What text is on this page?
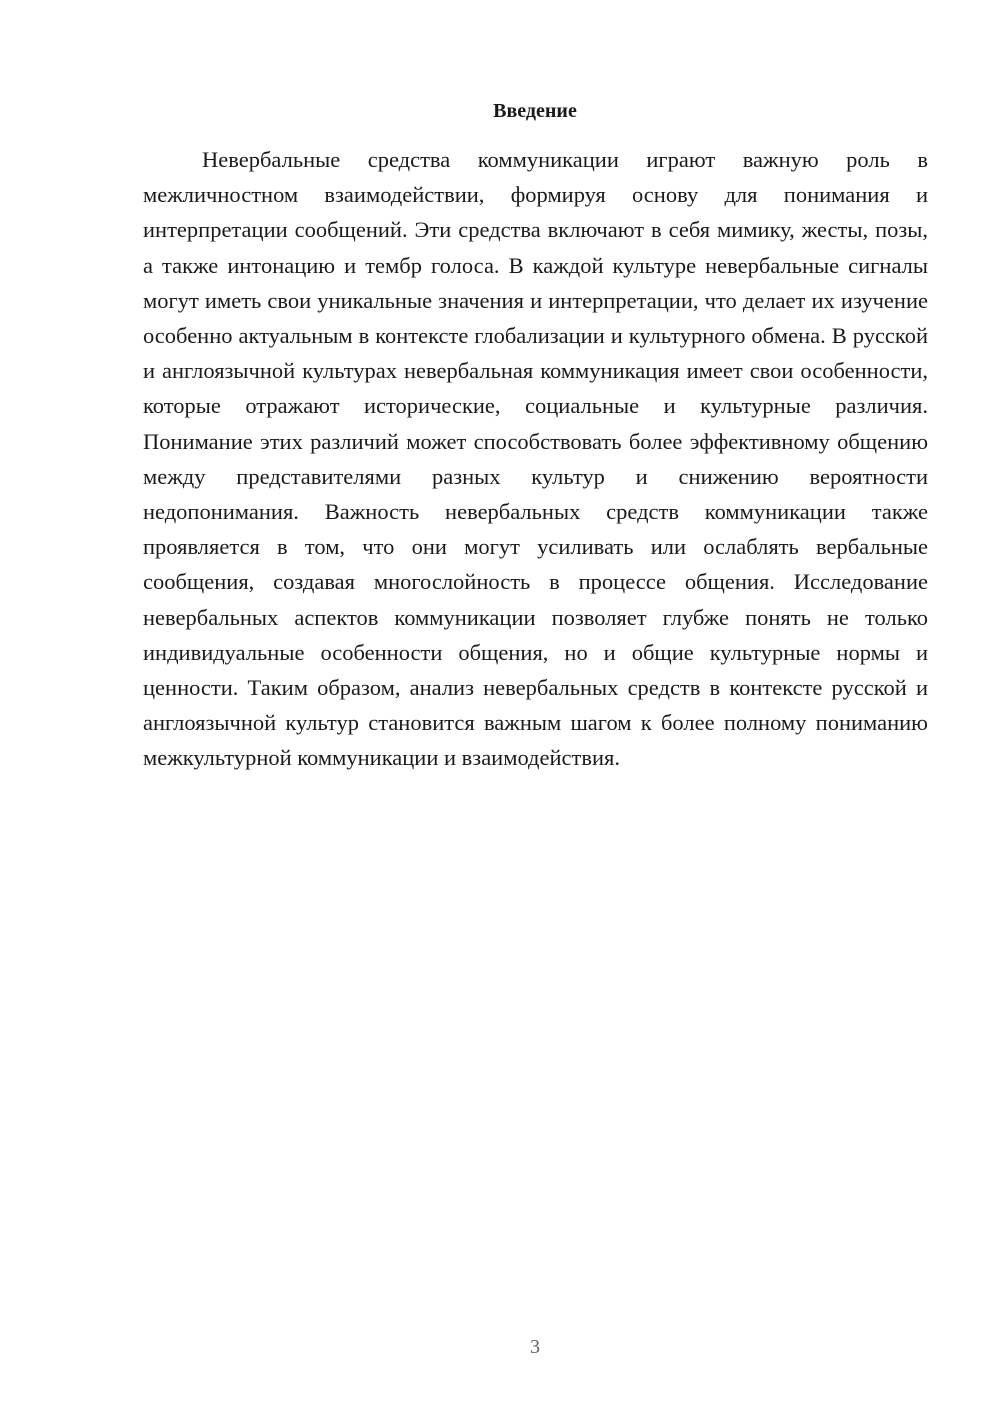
Введение

Невербальные средства коммуникации играют важную роль в межличностном взаимодействии, формируя основу для понимания и интерпретации сообщений. Эти средства включают в себя мимику, жесты, позы, а также интонацию и тембр голоса. В каждой культуре невербальные сигналы могут иметь свои уникальные значения и интерпретации, что делает их изучение особенно актуальным в контексте глобализации и культурного обмена. В русской и англоязычной культурах невербальная коммуникация имеет свои особенности, которые отражают исторические, социальные и культурные различия. Понимание этих различий может способствовать более эффективному общению между представителями разных культур и снижению вероятности недопонимания. Важность невербальных средств коммуникации также проявляется в том, что они могут усиливать или ослаблять вербальные сообщения, создавая многослойность в процессе общения. Исследование невербальных аспектов коммуникации позволяет глубже понять не только индивидуальные особенности общения, но и общие культурные нормы и ценности. Таким образом, анализ невербальных средств в контексте русской и англоязычной культур становится важным шагом к более полному пониманию межкультурной коммуникации и взаимодействия.

3
